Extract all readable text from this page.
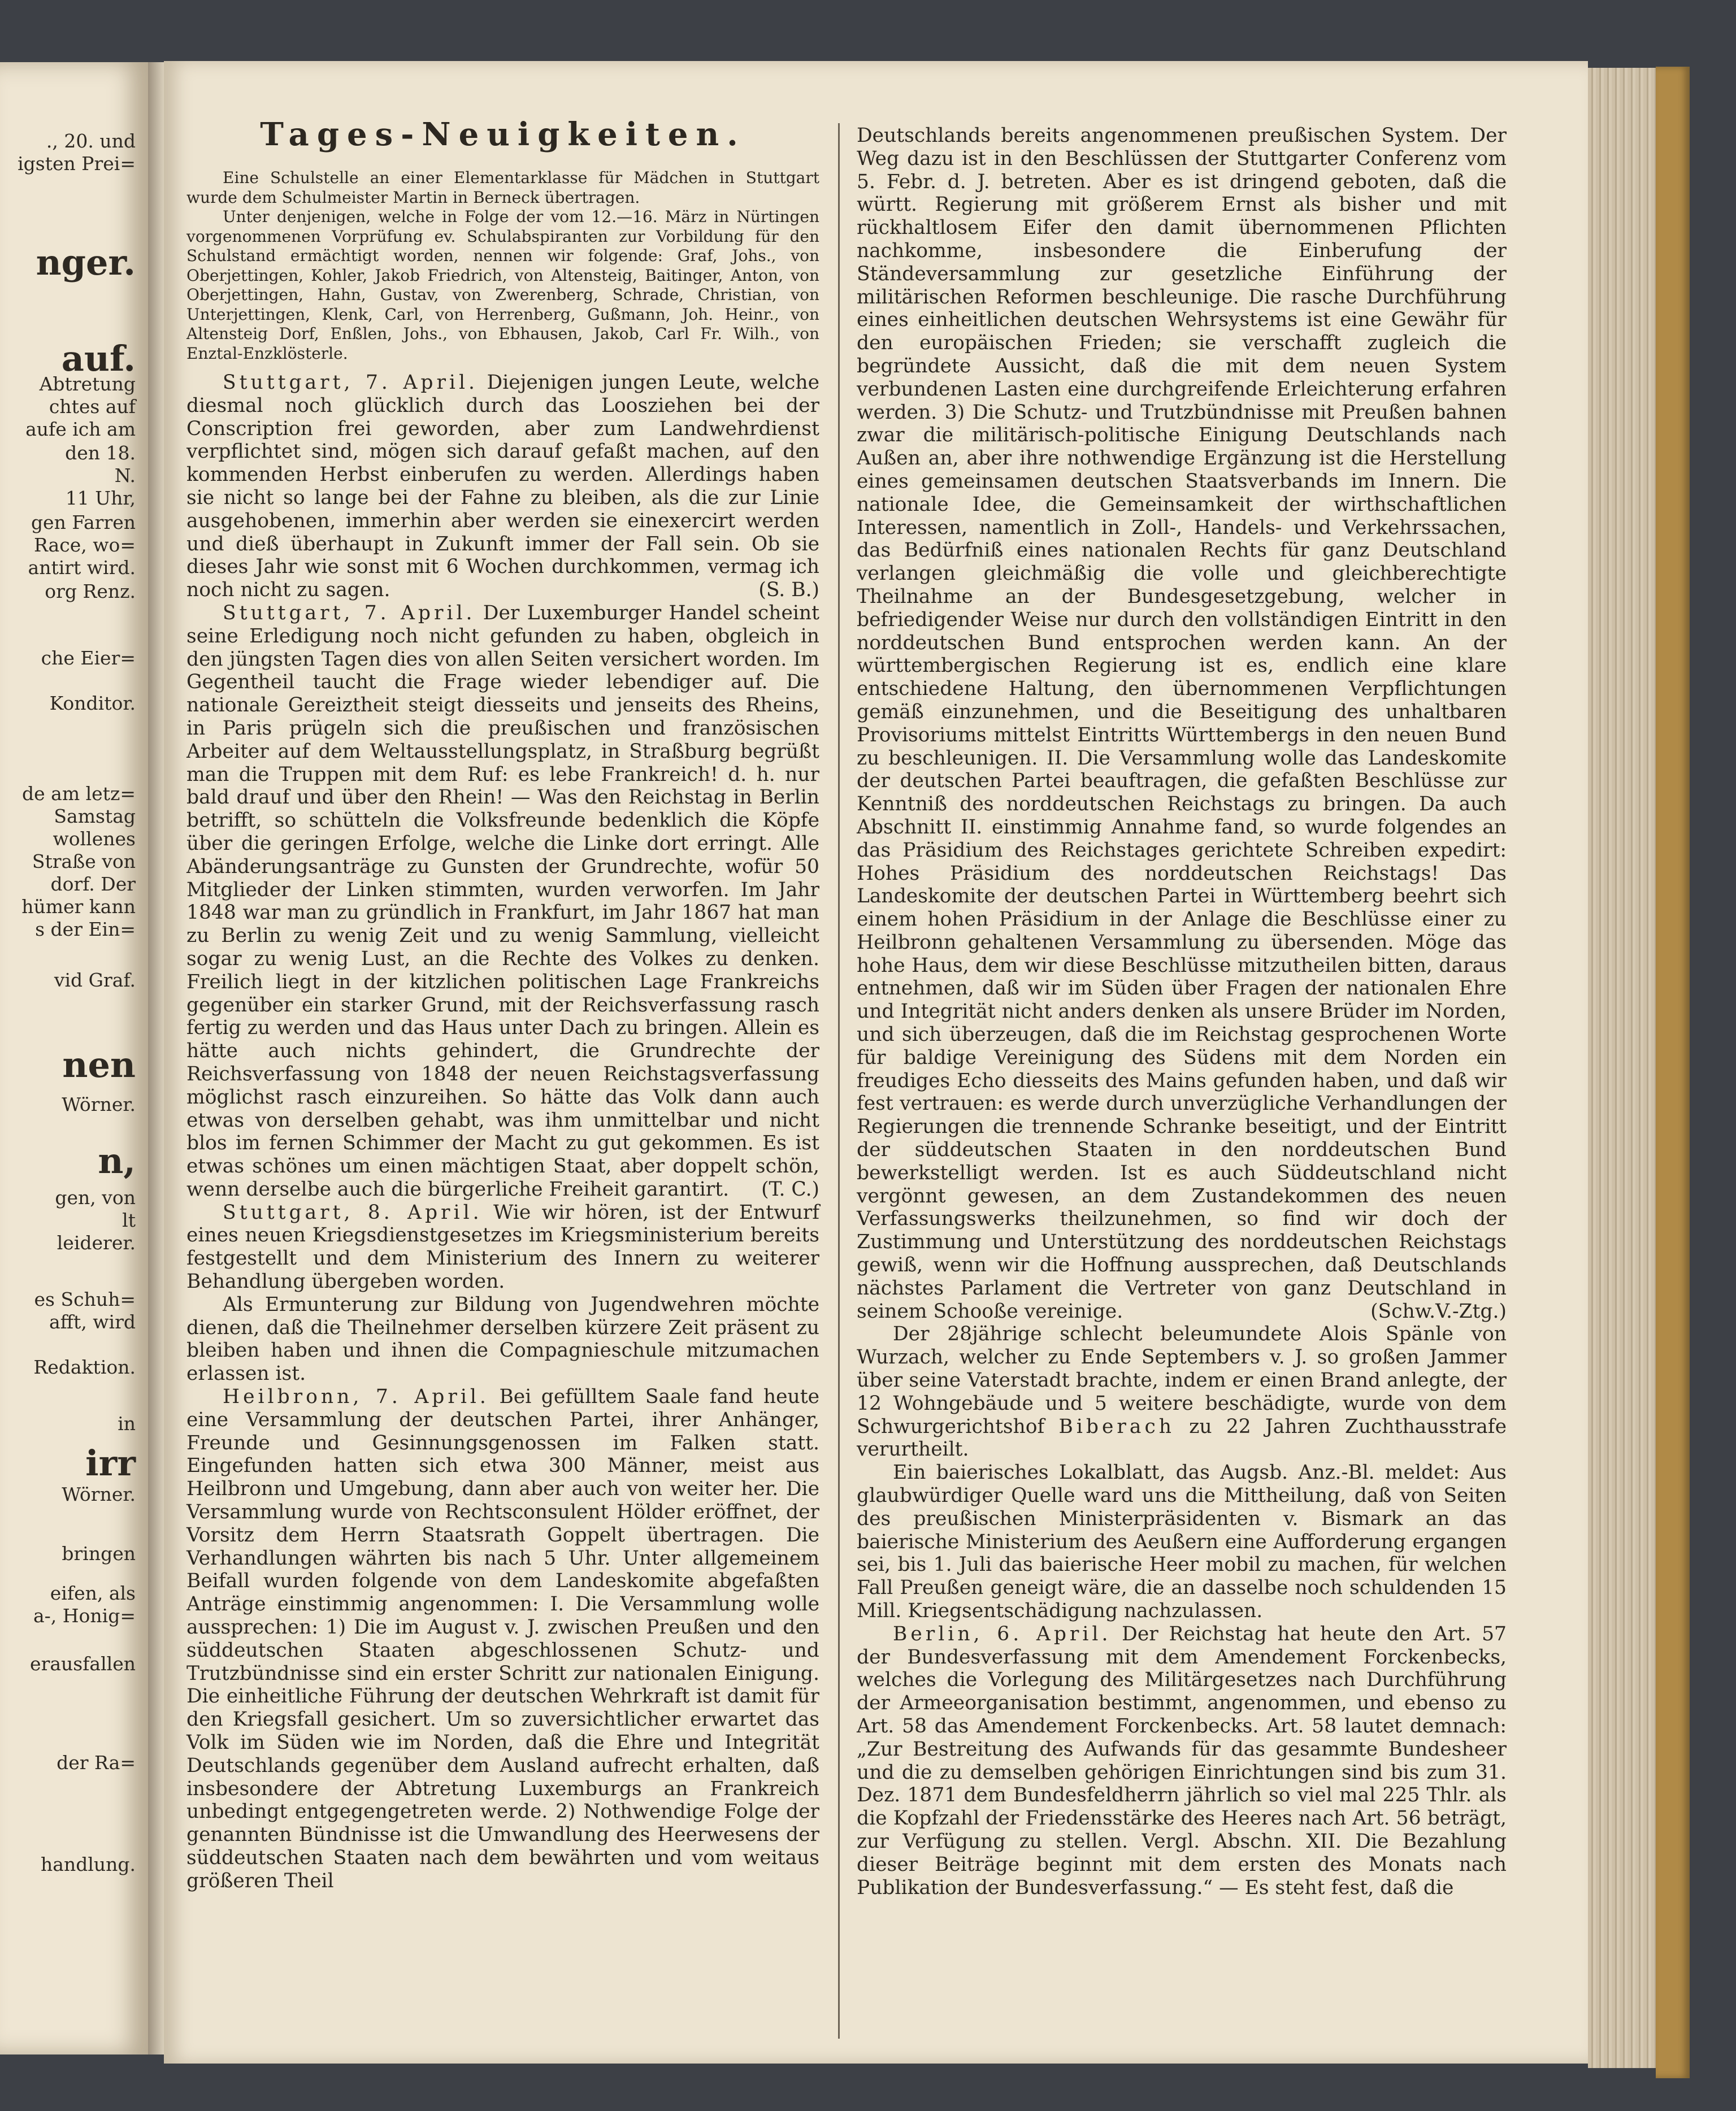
., 20. und
igsten Prei=
nger.
auf.
Abtretung
chtes auf
aufe ich am
den 18.
N.
11 Uhr,
gen Farren
Race, wo=
antirt wird.
org Renz.
che Eier=
Konditor.
de am letz=
Samstag
wollenes
Straße von
dorf. Der
hümer kann
s der Ein=
vid Graf.
nen
Wörner.
n,
gen, von
lt
leiderer.
es Schuh=
afft, wird
Redaktion.
in
irr
Wörner.
bringen
eifen, als
a-, Honig=
erausfallen
der Ra=
handlung.
Tages-Neuigkeiten.

Eine Schulstelle an einer Elementarklasse für Mädchen in Stuttgart wurde dem Schulmeister Martin in Berneck übertragen.

Unter denjenigen, welche in Folge der vom 12.—16. März in Nürtingen vorgenommenen Vorprüfung ev. Schulabspiranten zur Vorbildung für den Schulstand ermächtigt worden, nennen wir folgende: Graf, Johs., von Oberjettingen, Kohler, Jakob Friedrich, von Altensteig, Baitinger, Anton, von Oberjettingen, Hahn, Gustav, von Zwerenberg, Schrade, Christian, von Unterjettingen, Klenk, Carl, von Herrenberg, Gußmann, Joh. Heinr., von Altensteig Dorf, Enßlen, Johs., von Ebhausen, Jakob, Carl Fr. Wilh., von Enztal-Enzklösterle.

Stuttgart, 7. April. Diejenigen jungen Leute, welche diesmal noch glücklich durch das Loosziehen bei der Conscription frei geworden, aber zum Landwehrdienst verpflichtet sind, mögen sich darauf gefaßt machen, auf den kommenden Herbst einberufen zu werden. Allerdings haben sie nicht so lange bei der Fahne zu bleiben, als die zur Linie ausgehobenen, immerhin aber werden sie einexercirt werden und dieß überhaupt in Zukunft immer der Fall sein. Ob sie dieses Jahr wie sonst mit 6 Wochen durchkommen, vermag ich noch nicht zu sagen.	(S. B.)

Stuttgart, 7. April. Der Luxemburger Handel scheint seine Erledigung noch nicht gefunden zu haben, obgleich in den jüngsten Tagen dies von allen Seiten versichert worden. Im Gegentheil taucht die Frage wieder lebendiger auf. Die nationale Gereiztheit steigt diesseits und jenseits des Rheins, in Paris prügeln sich die preußischen und französischen Arbeiter auf dem Weltausstellungsplatz, in Straßburg begrüßt man die Truppen mit dem Ruf: es lebe Frankreich! d. h. nur bald drauf und über den Rhein! — Was den Reichstag in Berlin betrifft, so schütteln die Volksfreunde bedenklich die Köpfe über die geringen Erfolge, welche die Linke dort erringt. Alle Abänderungsanträge zu Gunsten der Grundrechte, wofür 50 Mitglieder der Linken stimmten, wurden verworfen. Im Jahr 1848 war man zu gründlich in Frankfurt, im Jahr 1867 hat man zu Berlin zu wenig Zeit und zu wenig Sammlung, vielleicht sogar zu wenig Lust, an die Rechte des Volkes zu denken. Freilich liegt in der kitzlichen politischen Lage Frankreichs gegenüber ein starker Grund, mit der Reichsverfassung rasch fertig zu werden und das Haus unter Dach zu bringen. Allein es hätte auch nichts gehindert, die Grundrechte der Reichsverfassung von 1848 der neuen Reichstagsverfassung möglichst rasch einzureihen. So hätte das Volk dann auch etwas von derselben gehabt, was ihm unmittelbar und nicht blos im fernen Schimmer der Macht zu gut gekommen. Es ist etwas schönes um einen mächtigen Staat, aber doppelt schön, wenn derselbe auch die bürgerliche Freiheit garantirt. (T. C.)

Stuttgart, 8. April. Wie wir hören, ist der Entwurf eines neuen Kriegsdienstgesetzes im Kriegsministerium bereits festgestellt und dem Ministerium des Innern zu weiterer Behandlung übergeben worden.

Als Ermunterung zur Bildung von Jugendwehren möchte dienen, daß die Theilnehmer derselben kürzere Zeit präsent zu bleiben haben und ihnen die Compagnieschule mitzumachen erlassen ist.

Heilbronn, 7. April. Bei gefülltem Saale fand heute eine Versammlung der deutschen Partei, ihrer Anhänger, Freunde und Gesinnungsgenossen im Falken statt. Eingefunden hatten sich etwa 300 Männer, meist aus Heilbronn und Umgebung, dann aber auch von weiter her. Die Versammlung wurde von Rechtsconsulent Hölder eröffnet, der Vorsitz dem Herrn Staatsrath Goppelt übertragen. Die Verhandlungen währten bis nach 5 Uhr. Unter allgemeinem Beifall wurden folgende von dem Landeskomite abgefaßten Anträge einstimmig angenommen: I. Die Versammlung wolle aussprechen: 1) Die im August v. J. zwischen Preußen und den süddeutschen Staaten abgeschlossenen Schutz- und Trutzbündnisse sind ein erster Schritt zur nationalen Einigung. Die einheitliche Führung der deutschen Wehrkraft ist damit für den Kriegsfall gesichert. Um so zuversichtlicher erwartet das Volk im Süden wie im Norden, daß die Ehre und Integrität Deutschlands gegenüber dem Ausland aufrecht erhalten, daß insbesondere der Abtretung Luxemburgs an Frankreich unbedingt entgegengetreten werde. 2) Nothwendige Folge der genannten Bündnisse ist die Umwandlung des Heerwesens der süddeutschen Staaten nach dem bewährten und vom weitaus größeren Theil

Deutschlands bereits angenommenen preußischen System. Der Weg dazu ist in den Beschlüssen der Stuttgarter Conferenz vom 5. Febr. d. J. betreten. Aber es ist dringend geboten, daß die württ. Regierung mit größerem Ernst als bisher und mit rückhaltlosem Eifer den damit übernommenen Pflichten nachkomme, insbesondere die Einberufung der Ständeversammlung zur gesetzliche Einführung der militärischen Reformen beschleunige. Die rasche Durchführung eines einheitlichen deutschen Wehrsystems ist eine Gewähr für den europäischen Frieden; sie verschafft zugleich die begründete Aussicht, daß die mit dem neuen System verbundenen Lasten eine durchgreifende Erleichterung erfahren werden. 3) Die Schutz- und Trutzbündnisse mit Preußen bahnen zwar die militärisch-politische Einigung Deutschlands nach Außen an, aber ihre nothwendige Ergänzung ist die Herstellung eines gemeinsamen deutschen Staatsverbands im Innern. Die nationale Idee, die Gemeinsamkeit der wirthschaftlichen Interessen, namentlich in Zoll-, Handels- und Verkehrssachen, das Bedürfniß eines nationalen Rechts für ganz Deutschland verlangen gleichmäßig die volle und gleichberechtigte Theilnahme an der Bundesgesetzgebung, welcher in befriedigender Weise nur durch den vollständigen Eintritt in den norddeutschen Bund entsprochen werden kann. An der württembergischen Regierung ist es, endlich eine klare entschiedene Haltung, den übernommenen Verpflichtungen gemäß einzunehmen, und die Beseitigung des unhaltbaren Provisoriums mittelst Eintritts Württembergs in den neuen Bund zu beschleunigen. II. Die Versammlung wolle das Landeskomite der deutschen Partei beauftragen, die gefaßten Beschlüsse zur Kenntniß des norddeutschen Reichstags zu bringen. Da auch Abschnitt II. einstimmig Annahme fand, so wurde folgendes an das Präsidium des Reichstages gerichtete Schreiben expedirt: Hohes Präsidium des norddeutschen Reichstags! Das Landeskomite der deutschen Partei in Württemberg beehrt sich einem hohen Präsidium in der Anlage die Beschlüsse einer zu Heilbronn gehaltenen Versammlung zu übersenden. Möge das hohe Haus, dem wir diese Beschlüsse mitzutheilen bitten, daraus entnehmen, daß wir im Süden über Fragen der nationalen Ehre und Integrität nicht anders denken als unsere Brüder im Norden, und sich überzeugen, daß die im Reichstag gesprochenen Worte für baldige Vereinigung des Südens mit dem Norden ein freudiges Echo diesseits des Mains gefunden haben, und daß wir fest vertrauen: es werde durch unverzügliche Verhandlungen der Regierungen die trennende Schranke beseitigt, und der Eintritt der süddeutschen Staaten in den norddeutschen Bund bewerkstelligt werden. Ist es auch Süddeutschland nicht vergönnt gewesen, an dem Zustandekommen des neuen Verfassungswerks theilzunehmen, so find wir doch der Zustimmung und Unterstützung des norddeutschen Reichstags gewiß, wenn wir die Hoffnung aussprechen, daß Deutschlands nächstes Parlament die Vertreter von ganz Deutschland in seinem Schooße vereinige.	(Schw.V.-Ztg.)

Der 28jährige schlecht beleumundete Alois Spänle von Wurzach, welcher zu Ende Septembers v. J. so großen Jammer über seine Vaterstadt brachte, indem er einen Brand anlegte, der 12 Wohngebäude und 5 weitere beschädigte, wurde von dem Schwurgerichtshof Biberach zu 22 Jahren Zuchthausstrafe verurtheilt.

Ein baierisches Lokalblatt, das Augsb. Anz.-Bl. meldet: Aus glaubwürdiger Quelle ward uns die Mittheilung, daß von Seiten des preußischen Ministerpräsidenten v. Bismark an das baierische Ministerium des Aeußern eine Aufforderung ergangen sei, bis 1. Juli das baierische Heer mobil zu machen, für welchen Fall Preußen geneigt wäre, die an dasselbe noch schuldenden 15 Mill. Kriegsentschädigung nachzulassen.

Berlin, 6. April. Der Reichstag hat heute den Art. 57 der Bundesverfassung mit dem Amendement Forckenbecks, welches die Vorlegung des Militärgesetzes nach Durchführung der Armeeorganisation bestimmt, angenommen, und ebenso zu Art. 58 das Amendement Forckenbecks. Art. 58 lautet demnach: „Zur Bestreitung des Aufwands für das gesammte Bundesheer und die zu demselben gehörigen Einrichtungen sind bis zum 31. Dez. 1871 dem Bundesfeldherrn jährlich so viel mal 225 Thlr. als die Kopfzahl der Friedensstärke des Heeres nach Art. 56 beträgt, zur Verfügung zu stellen. Vergl. Abschn. XII. Die Bezahlung dieser Beiträge beginnt mit dem ersten des Monats nach Publikation der Bundesverfassung.“ — Es steht fest, daß die
